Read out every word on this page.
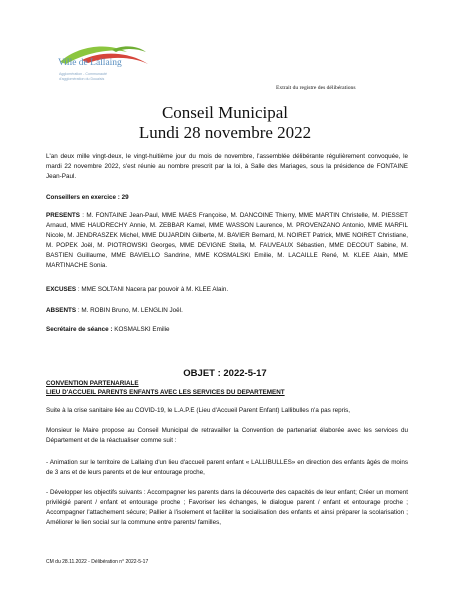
Ville de Lallaing
Agglomération - Communauté d'agglomération du Douaisis
Extrait du registre des délibérations
Conseil Municipal
Lundi 28 novembre 2022
L'an deux mille vingt-deux, le vingt-huitième jour du mois de novembre, l'assemblée délibérante régulièrement convoquée, le mardi 22 novembre 2022, s'est réunie au nombre prescrit par la loi, à Salle des Mariages, sous la présidence de FONTAINE Jean-Paul.
Conseillers en exercice : 29
PRESENTS : M. FONTAINE Jean-Paul, MME MAES Françoise, M. DANCOINE Thierry, MME MARTIN Christelle, M. PIESSET Arnaud, MME HAUDRECHY Annie, M. ZEBBAR Kamel, MME WASSON Laurence, M. PROVENZANO Antonio, MME MARFIL Nicole, M. JENDRASZEK Michel, MME DUJARDIN Gilberte, M. BAVIER Bernard, M. NOIRET Patrick, MME NOIRET Christiane, M. POPEK Joël, M. PIOTROWSKI Georges, MME DEVIGNE Stella, M. FAUVEAUX Sébastien, MME DECOUT Sabine, M. BASTIEN Guillaume, MME BAVIELLO Sandrine, MME KOSMALSKI Emilie, M. LACAILLE René, M. KLEE Alain, MME MARTINACHE Sonia.
EXCUSES : MME SOLTANI Nacera par pouvoir à M. KLEE Alain.
ABSENTS : M. ROBIN Bruno, M. LENGLIN Joël.
Secrétaire de séance : KOSMALSKI Emilie
OBJET : 2022-5-17
CONVENTION PARTENARIALE
LIEU D'ACCUEIL PARENTS ENFANTS AVEC LES SERVICES DU DEPARTEMENT
Suite à la crise sanitaire liée au COVID-19, le L.A.P.E (Lieu d'Accueil Parent Enfant) Lallibulles n'a pas repris,
Monsieur le Maire propose au Conseil Municipal de retravailler la Convention de partenariat élaborée avec les services du Département et de la réactualiser comme suit :
- Animation sur le territoire de Lallaing d'un lieu d'accueil parent enfant « LALLIBULLES» en direction des enfants âgés de moins de 3 ans et de leurs parents et de leur entourage proche,
- Développer les objectifs suivants : Accompagner les parents dans la découverte des capacités de leur enfant; Créer un moment privilégié parent / enfant et entourage proche ; Favoriser les échanges, le dialogue parent / enfant et entourage proche ; Accompagner l'attachement sécure; Pallier à l'isolement et faciliter la socialisation des enfants et ainsi préparer la scolarisation ; Améliorer le lien social sur la commune entre parents/ familles,
CM du 28.11.2022 - Délibération n° 2022-5-17
